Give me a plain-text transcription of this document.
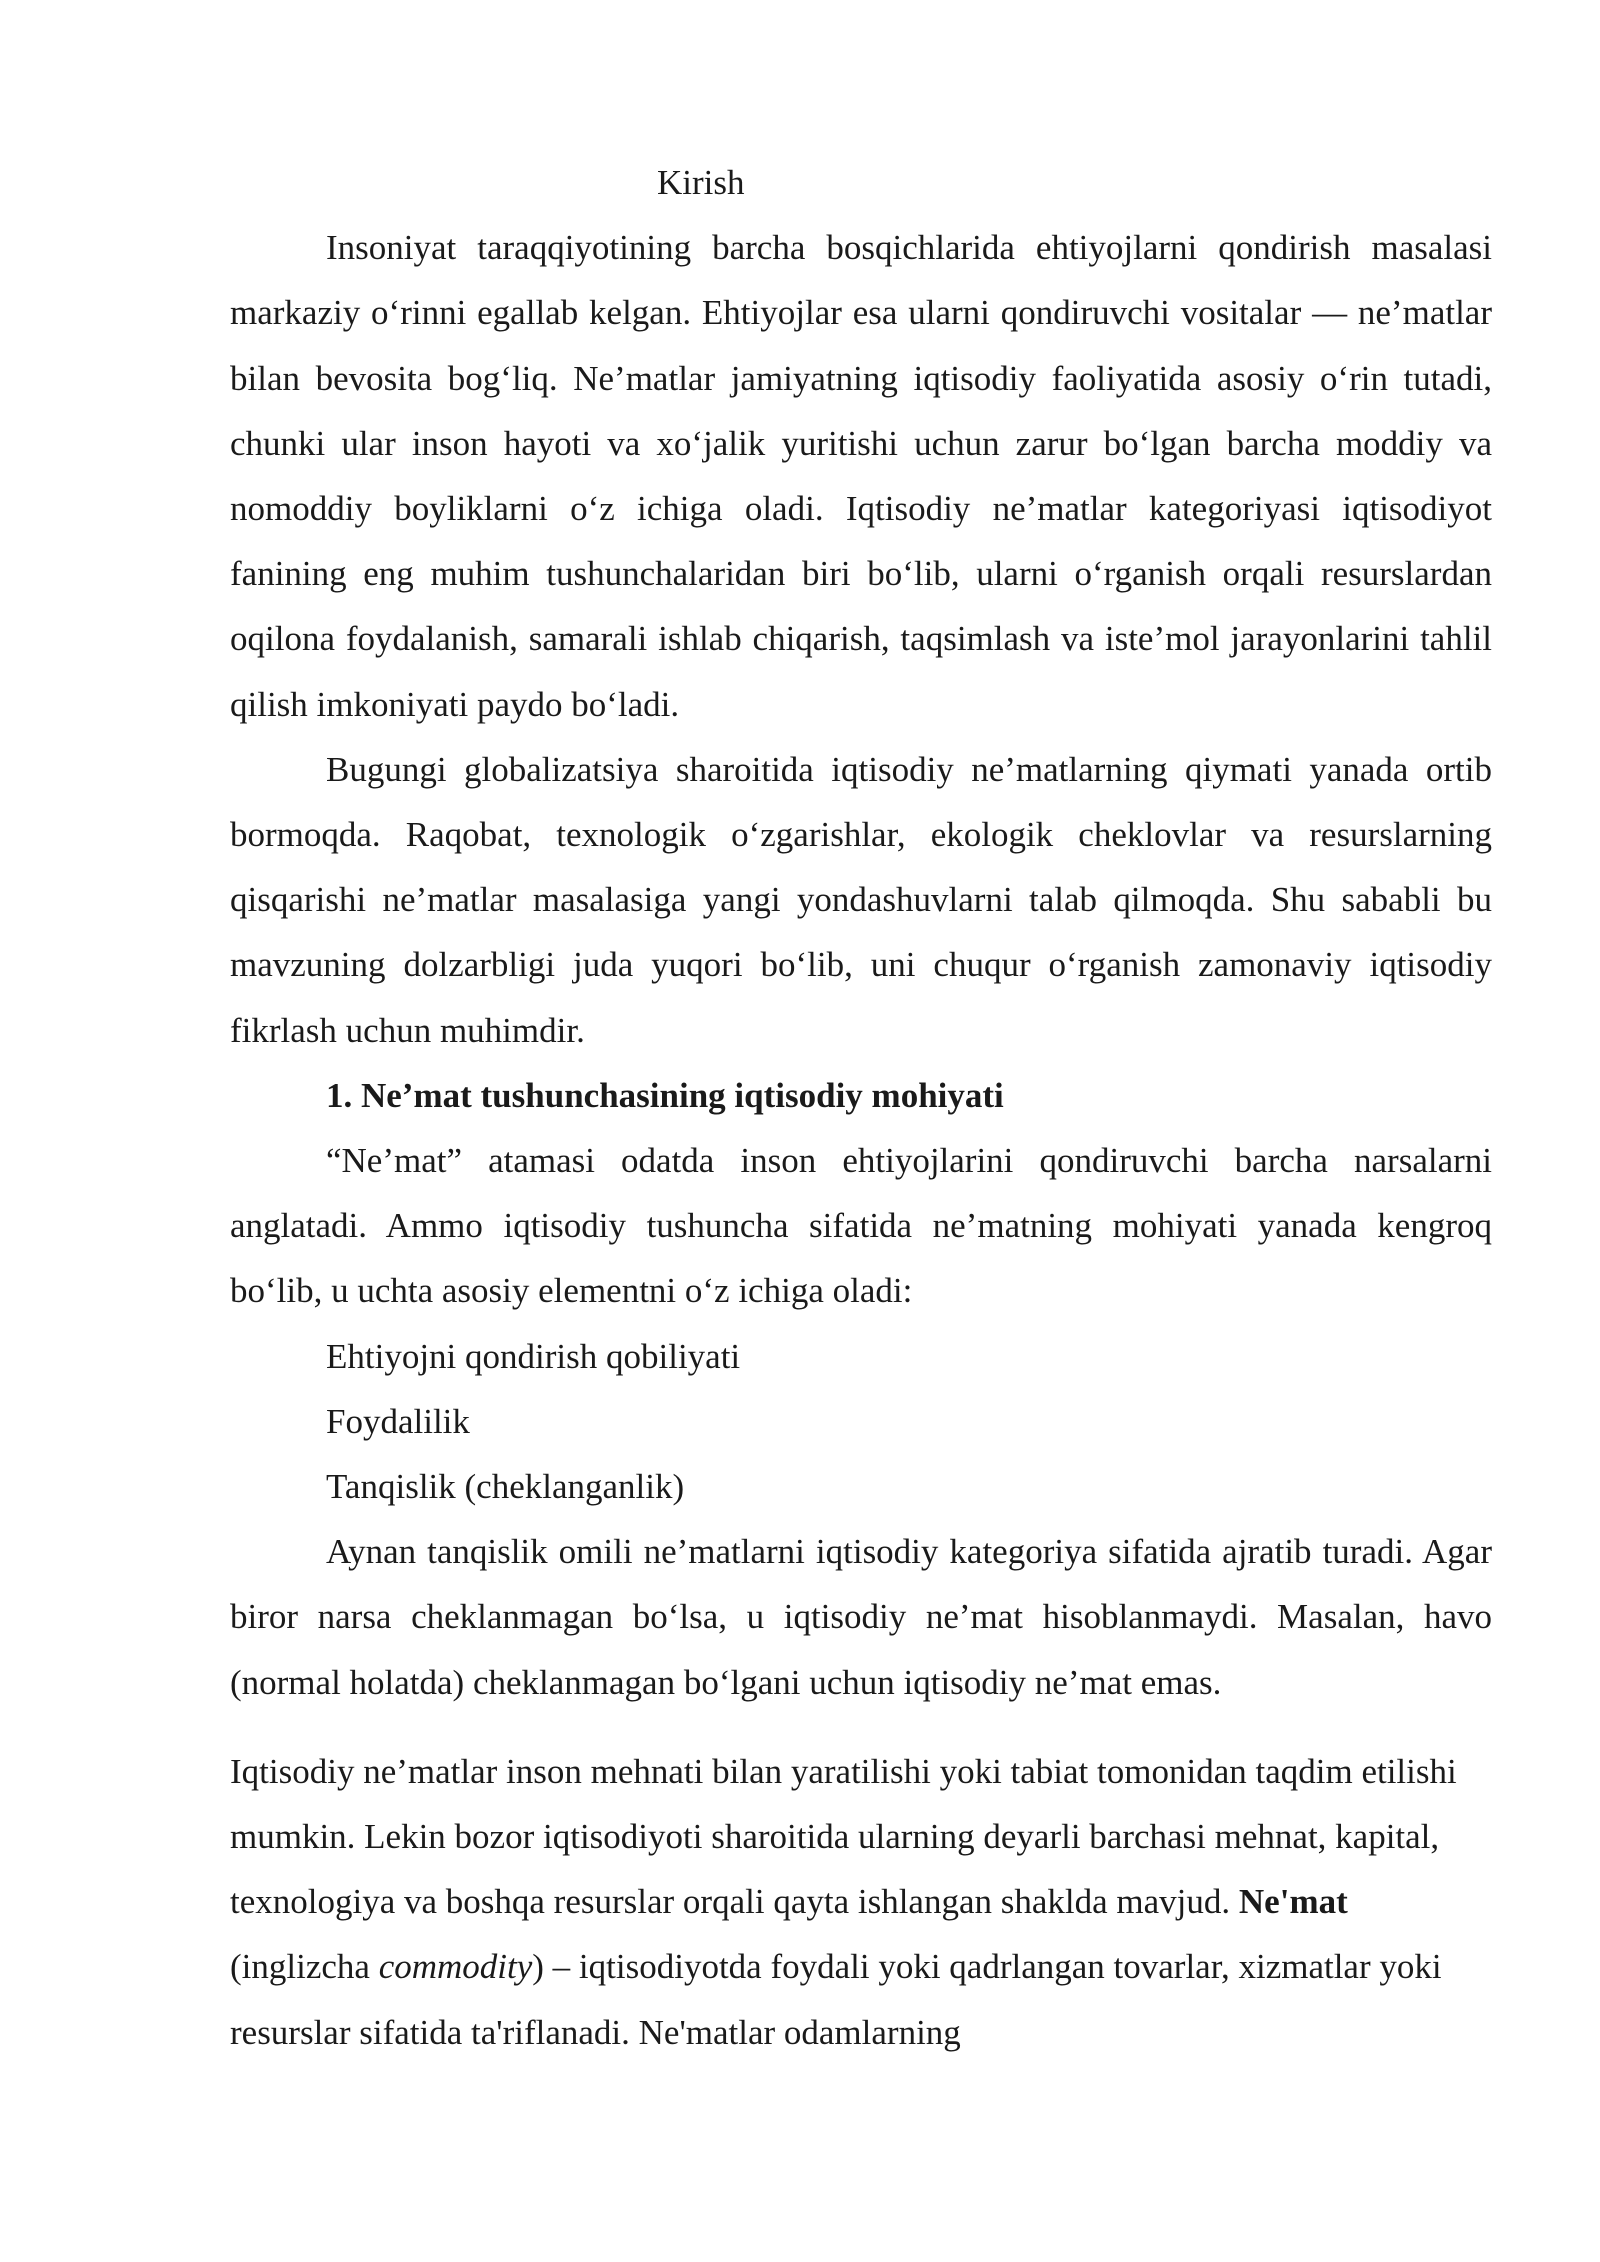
Kirish

Insoniyat taraqqiyotining barcha bosqichlarida ehtiyojlarni qondirish masalasi markaziy o‘rinni egallab kelgan. Ehtiyojlar esa ularni qondiruvchi vositalar — ne’matlar bilan bevosita bog‘liq. Ne’matlar jamiyatning iqtisodiy faoliyatida asosiy o‘rin tutadi, chunki ular inson hayoti va xo‘jalik yuritishi uchun zarur bo‘lgan barcha moddiy va nomoddiy boyliklarni o‘z ichiga oladi. Iqtisodiy ne’matlar kategoriyasi iqtisodiyot fanining eng muhim tushunchalaridan biri bo‘lib, ularni o‘rganish orqali resurslardan oqilona foydalanish, samarali ishlab chiqarish, taqsimlash va iste’mol jarayonlarini tahlil qilish imkoniyati paydo bo‘ladi.

Bugungi globalizatsiya sharoitida iqtisodiy ne’matlarning qiymati yanada ortib bormoqda. Raqobat, texnologik o‘zgarishlar, ekologik cheklovlar va resurslarning qisqarishi ne’matlar masalasiga yangi yondashuvlarni talab qilmoqda. Shu sababli bu mavzuning dolzarbligi juda yuqori bo‘lib, uni chuqur o‘rganish zamonaviy iqtisodiy fikrlash uchun muhimdir.

1. Ne’mat tushunchasining iqtisodiy mohiyati

“Ne’mat” atamasi odatda inson ehtiyojlarini qondiruvchi barcha narsalarni anglatadi. Ammo iqtisodiy tushuncha sifatida ne’matning mohiyati yanada kengroq bo‘lib, u uchta asosiy elementni o‘z ichiga oladi:

Ehtiyojni qondirish qobiliyati

Foydalilik

Tanqislik (cheklanganlik)

Aynan tanqislik omili ne’matlarni iqtisodiy kategoriya sifatida ajratib turadi. Agar biror narsa cheklanmagan bo‘lsa, u iqtisodiy ne’mat hisoblanmaydi. Masalan, havo (normal holatda) cheklanmagan bo‘lgani uchun iqtisodiy ne’mat emas.

Iqtisodiy ne’matlar inson mehnati bilan yaratilishi yoki tabiat tomonidan taqdim etilishi mumkin. Lekin bozor iqtisodiyoti sharoitida ularning deyarli barchasi mehnat, kapital, texnologiya va boshqa resurslar orqali qayta ishlangan shaklda mavjud. Ne'mat (inglizcha commodity) – iqtisodiyotda foydali yoki qadrlangan tovarlar, xizmatlar yoki resurslar sifatida ta'riflanadi. Ne'matlar odamlarning
